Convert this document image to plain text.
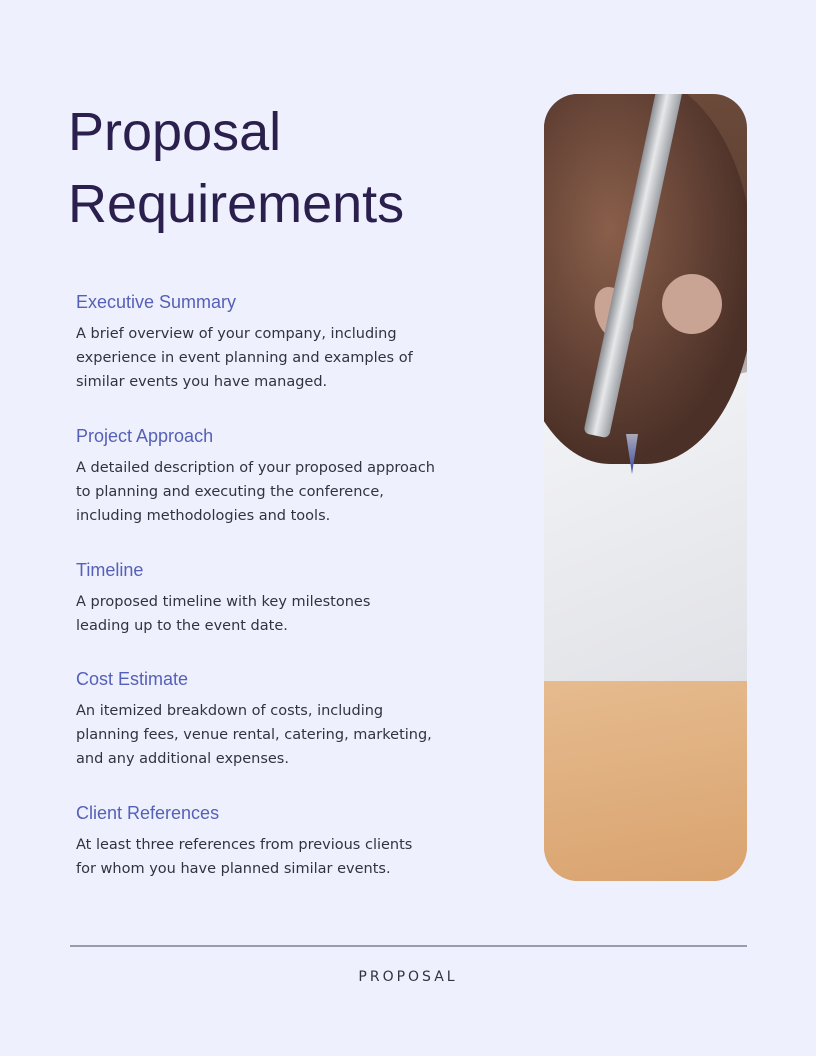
Proposal Requirements
Executive Summary

A brief overview of your company, including experience in event planning and examples of similar events you have managed.

Project Approach

A detailed description of your proposed approach to planning and executing the conference, including methodologies and tools.

Timeline

A proposed timeline with key milestones leading up to the event date.

Cost Estimate

An itemized breakdown of costs, including planning fees, venue rental, catering, marketing, and any additional expenses.

Client References

At least three references from previous clients for whom you have planned similar events.

PROPOSAL
